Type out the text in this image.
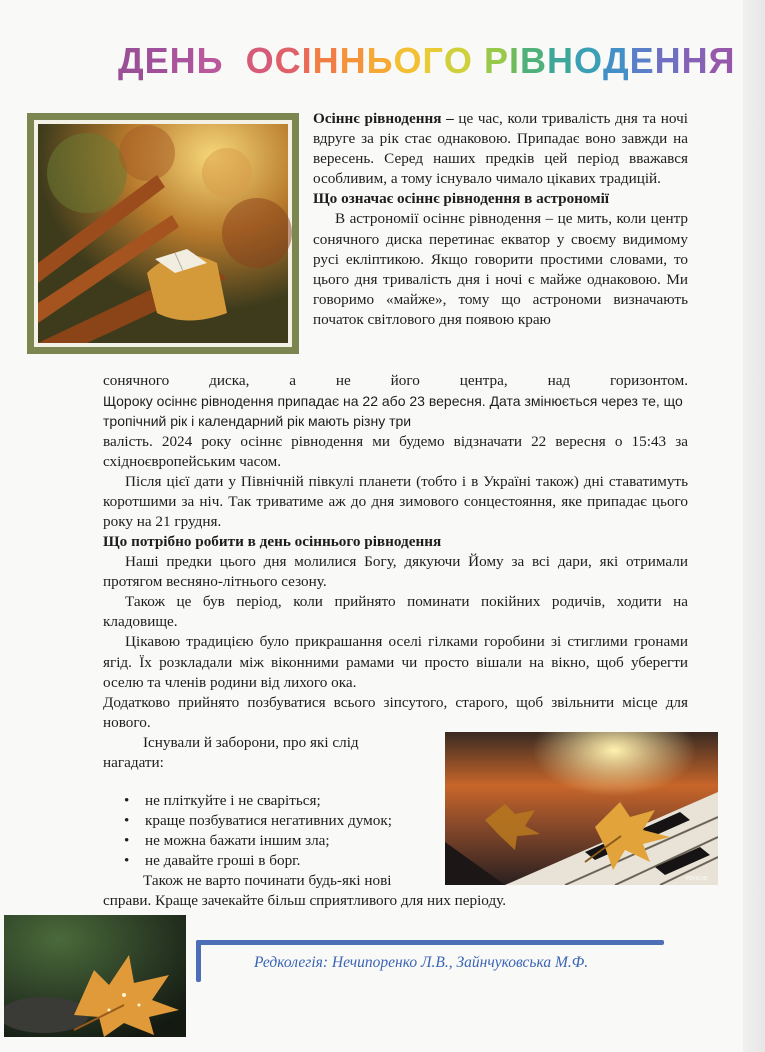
ДЕНЬ ОСІННЬОГО РІВНОДЕННЯ

Осіннє рівнодення – це час, коли тривалість дня та ночі вдруге за рік стає однаковою. Припадає воно завжди на вересень. Серед наших предків цей період вважався особливим, а тому існувало чимало цікавих традицій.

Що означає осіннє рівнодення в астрономії

В астрономії осіннє рівнодення – це мить, коли центр сонячного диска перетинає екватор у своєму видимому русі екліптикою. Якщо говорити простими словами, то цього дня тривалість дня і ночі є майже однаковою. Ми говоримо «майже», тому що астрономи визначають початок світлового дня появою краю

сонячного диска, а не його центра, над горизонтом.

Щороку осіннє рівнодення припадає на 22 або 23 вересня. Дата змінюється через те, що тропічний рік і календарний рік мають різну три

валість. 2024 року осіннє рівнодення ми будемо відзначати 22 вересня о 15:43 за східноєвропейським часом.

Після цієї дати у Північній півкулі планети (тобто і в Україні також) дні ставатимуть коротшими за ніч. Так триватиме аж до дня зимового сонцестояння, яке припадає цього року на 21 грудня.

Що потрібно робити в день осіннього рівнодення

Наші предки цього дня молилися Богу, дякуючи Йому за всі дари, які отримали протягом весняно-літнього сезону.

Також це був період, коли прийнято поминати покійних родичів, ходити на кладовище.

Цікавою традицією було прикрашання оселі гілками горобини зі стиглими гронами ягід. Їх розкладали між віконними рамами чи просто вішали на вікно, щоб уберегти оселю та членів родини від лихого ока.

Додатково прийнято позбуватися всього зіпсутого, старого, щоб звільнити місце для нового.

Існували й заборони, про які слід нагадати:

• не пліткуйте і не сваріться;
• краще позбуватися негативних думок;
• не можна бажати іншим зла;
• не давайте гроші в борг.

Також не варто починати будь-які нові

справи. Краще зачекайте більш сприятливого для них періоду.

VOVIO.IO
Редколегія: Нечипоренко Л.В., Зайнчуковська М.Ф.
